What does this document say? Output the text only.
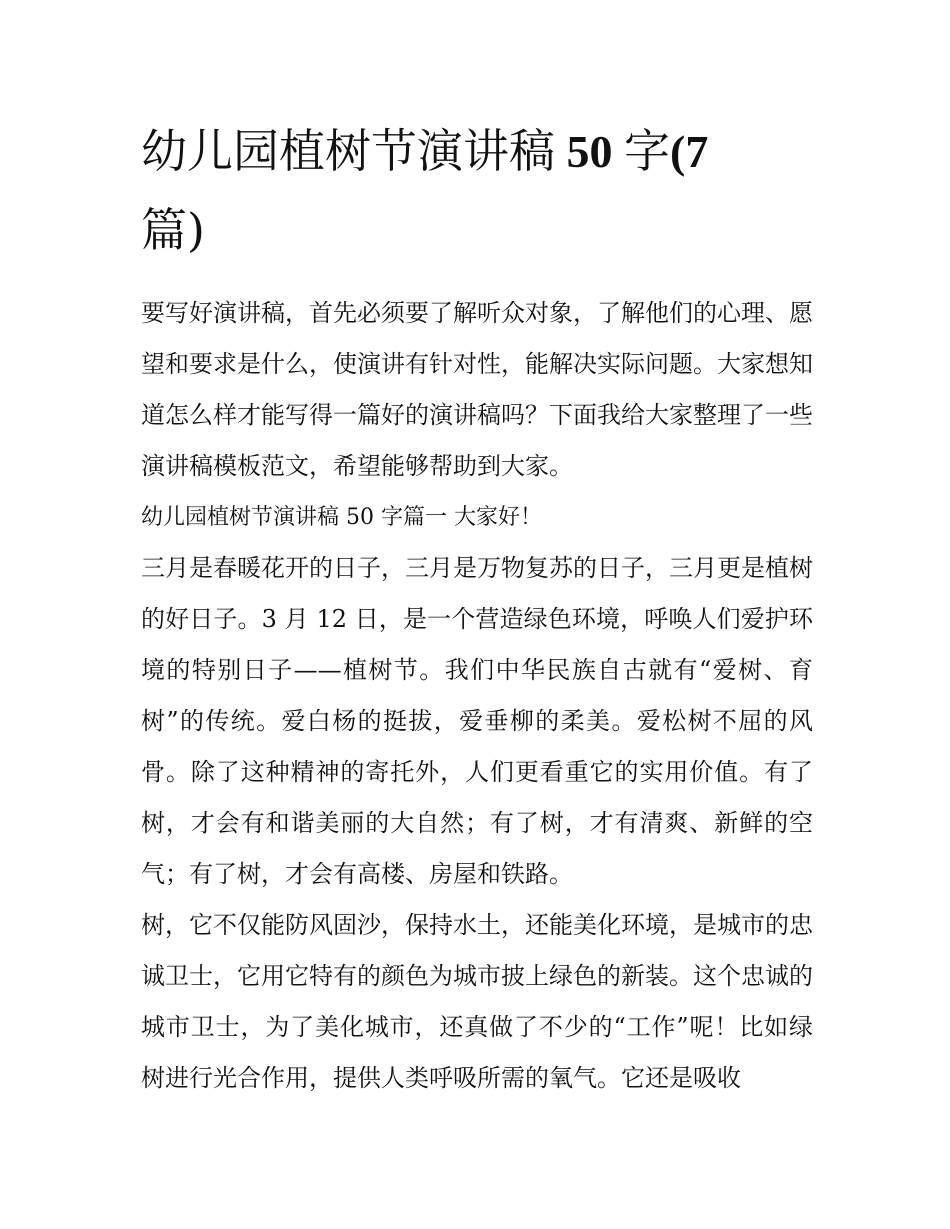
幼儿园植树节演讲稿 50 字(7
篇)

要写好演讲稿，首先必须要了解听众对象，了解他们的心理、愿望和要求是什么，使演讲有针对性，能解决实际问题。大家想知道怎么样才能写得一篇好的演讲稿吗？下面我给大家整理了一些演讲稿模板范文，希望能够帮助到大家。

幼儿园植树节演讲稿 50 字篇一 大家好！

三月是春暖花开的日子，三月是万物复苏的日子，三月更是植树的好日子。3 月 12 日，是一个营造绿色环境，呼唤人们爱护环境的特别日子——植树节。我们中华民族自古就有“爱树、育树”的传统。爱白杨的挺拔，爱垂柳的柔美。爱松树不屈的风骨。除了这种精神的寄托外，人们更看重它的实用价值。有了树，才会有和谐美丽的大自然；有了树，才有清爽、新鲜的空气；有了树，才会有高楼、房屋和铁路。

树，它不仅能防风固沙，保持水土，还能美化环境，是城市的忠诚卫士，它用它特有的颜色为城市披上绿色的新装。这个忠诚的城市卫士，为了美化城市，还真做了不少的“工作”呢！比如绿树进行光合作用，提供人类呼吸所需的氧气。它还是吸收
